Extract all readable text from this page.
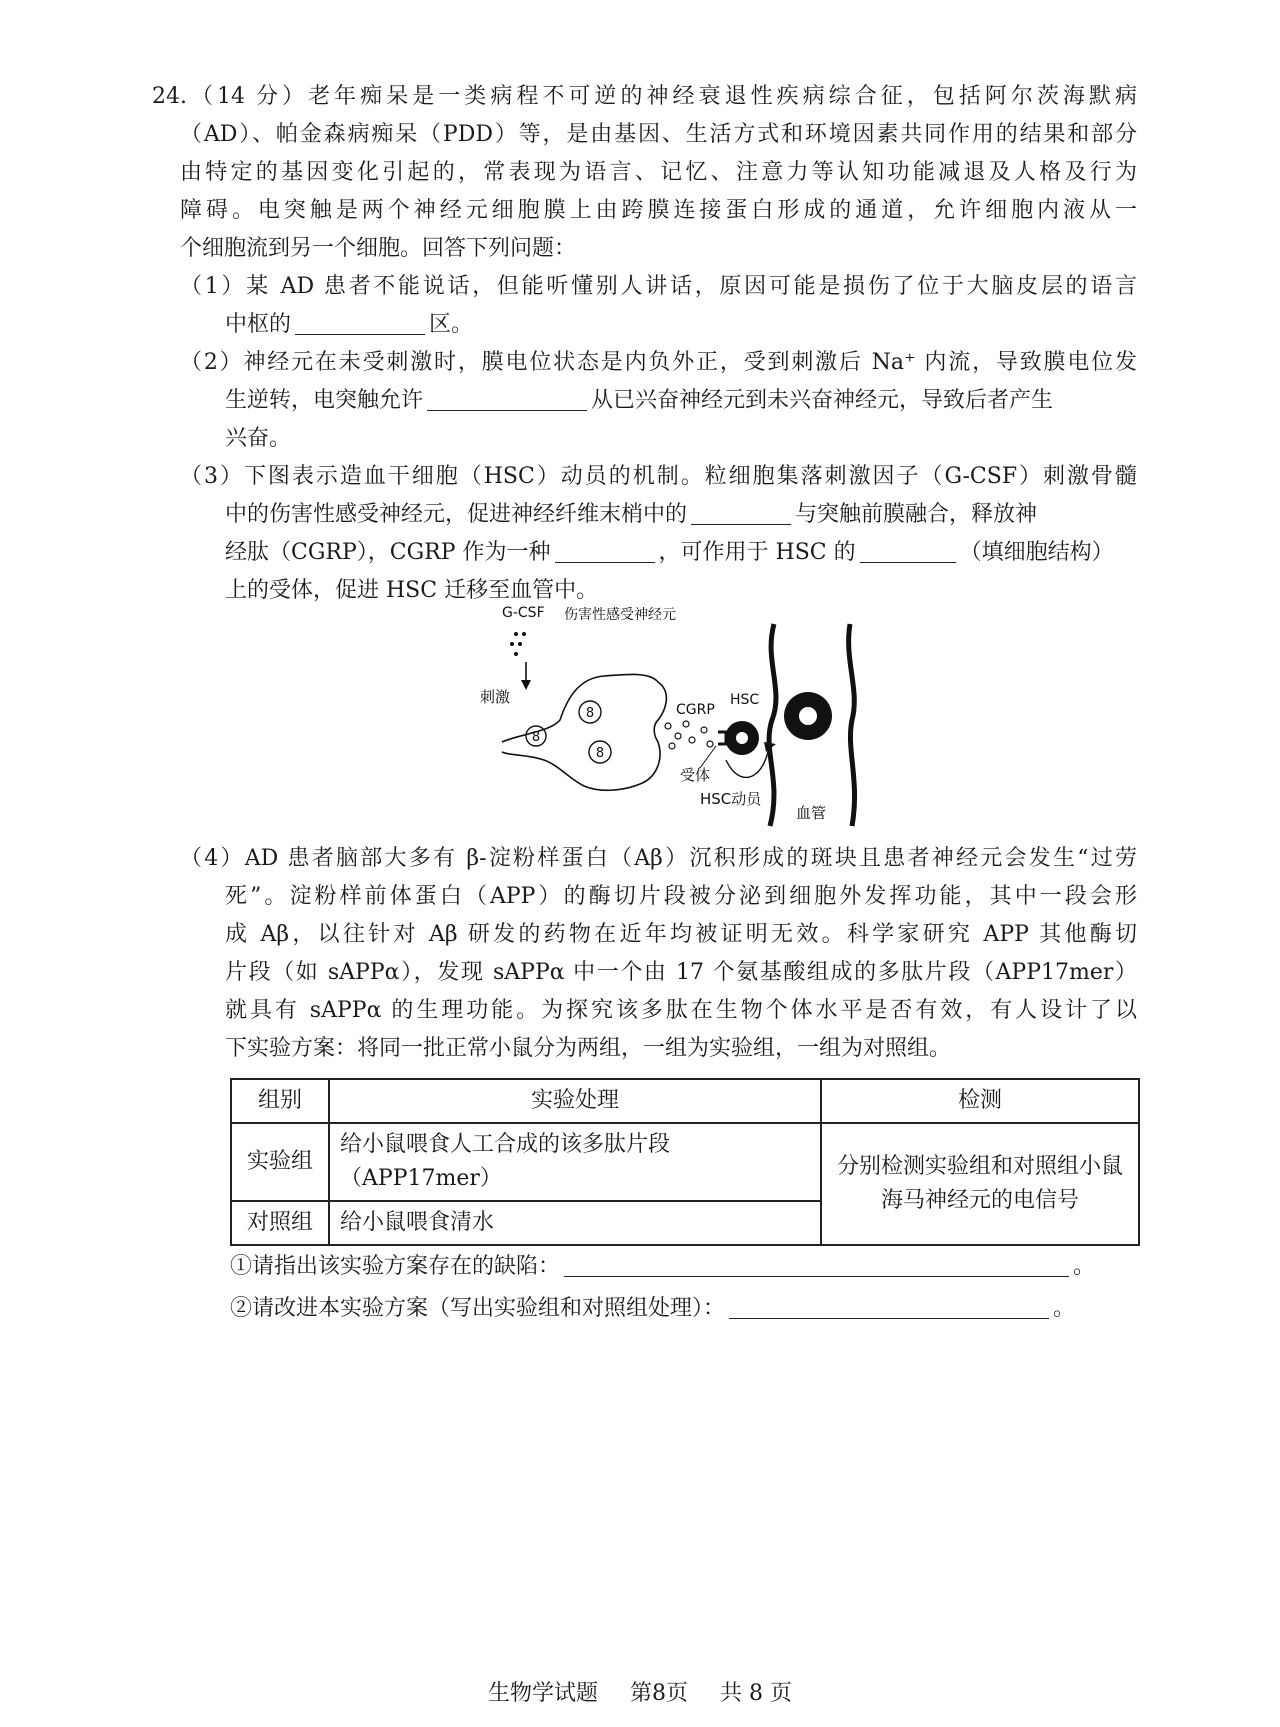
24.（14 分）老年痴呆是一类病程不可逆的神经衰退性疾病综合征，包括阿尔茨海默病
（AD）、帕金森病痴呆（PDD）等，是由基因、生活方式和环境因素共同作用的结果和部分
由特定的基因变化引起的，常表现为语言、记忆、注意力等认知功能减退及人格及行为
障碍。电突触是两个神经元细胞膜上由跨膜连接蛋白形成的通道，允许细胞内液从一
个细胞流到另一个细胞。回答下列问题：
（1）某 AD 患者不能说话，但能听懂别人讲话，原因可能是损伤了位于大脑皮层的语言
中枢的	区。
（2）神经元在未受刺激时，膜电位状态是内负外正，受到刺激后 Na⁺ 内流，导致膜电位发
生逆转，电突触允许	从已兴奋神经元到未兴奋神经元，导致后者产生
兴奋。
（3）下图表示造血干细胞（HSC）动员的机制。粒细胞集落刺激因子（G-CSF）刺激骨髓
中的伤害性感受神经元，促进神经纤维末梢中的	与突触前膜融合，释放神
经肽（CGRP），CGRP 作为一种	，可作用于 HSC 的	（填细胞结构）
上的受体，促进 HSC 迁移至血管中。
8
8
8
G-CSF 伤害性感受神经元
刺激
CGRP
HSC
受体
HSC动员
血管
（4）AD 患者脑部大多有 β-淀粉样蛋白（Aβ）沉积形成的斑块且患者神经元会发生“过劳
死”。淀粉样前体蛋白（APP）的酶切片段被分泌到细胞外发挥功能，其中一段会形
成 Aβ，以往针对 Aβ 研发的药物在近年均被证明无效。科学家研究 APP 其他酶切
片段（如 sAPPα），发现 sAPPα 中一个由 17 个氨基酸组成的多肽片段（APP17mer）
就具有 sAPPα 的生理功能。为探究该多肽在生物个体水平是否有效，有人设计了以
下实验方案：将同一批正常小鼠分为两组，一组为实验组，一组为对照组。
组别	实验处理	检测
实验组	给小鼠喂食人工合成的该多肽片段（APP17mer）	分别检测实验组和对照组小鼠海马神经元的电信号
对照组	给小鼠喂食清水	
①请指出该实验方案存在的缺陷：	。
②请改进本实验方案（写出实验组和对照组处理）：	。
生物学试题 第8页 共 8 页
